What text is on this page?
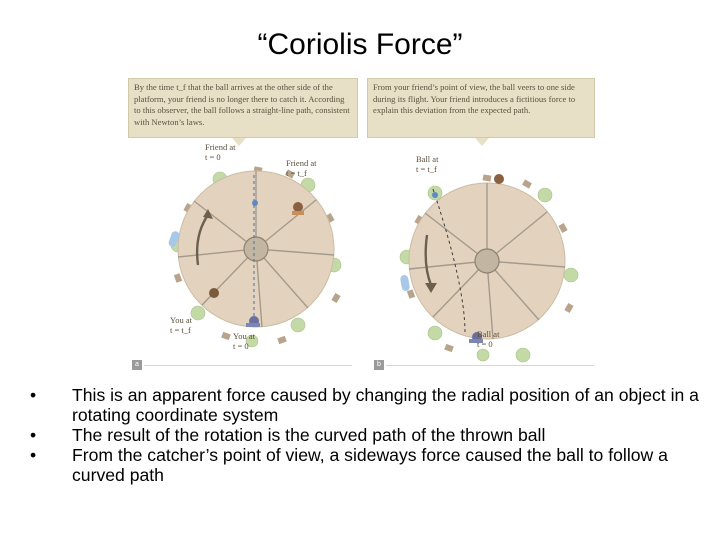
“Coriolis Force”
By the time t_f that the ball arrives at the other side of the platform, your friend is no longer there to catch it. According to this observer, the ball follows a straight-line path, consistent with Newton’s laws.
From your friend’s point of view, the ball veers to one side during its flight. Your friend introduces a fictitious force to explain this deviation from the expected path.
Friend at
t = 0
Friend at
t = t_f
You at
t = t_f
You at
t = 0
Ball at
t = t_f
Ball at
t = 0
a	b
•	This is an apparent force caused by changing the radial position of an object in a rotating coordinate system
•	The result of the rotation is the curved path of the thrown ball
•	From the catcher’s point of view, a sideways force caused the ball to follow a curved path
